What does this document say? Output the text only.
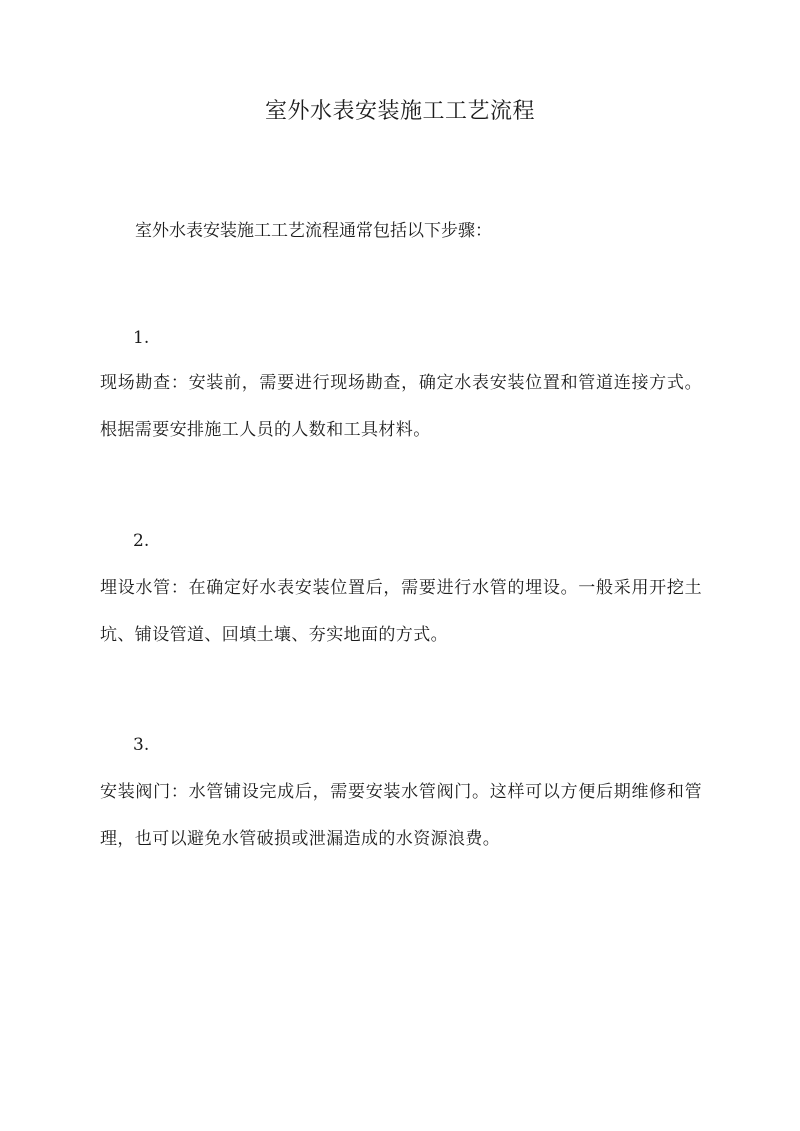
室外水表安装施工工艺流程
室外水表安装施工工艺流程通常包括以下步骤：
1.
现场勘查：安装前，需要进行现场勘查，确定水表安装位置和管道连接方式。根据需要安排施工人员的人数和工具材料。
2.
埋设水管：在确定好水表安装位置后，需要进行水管的埋设。一般采用开挖土坑、铺设管道、回填土壤、夯实地面的方式。
3.
安装阀门：水管铺设完成后，需要安装水管阀门。这样可以方便后期维修和管理，也可以避免水管破损或泄漏造成的水资源浪费。
